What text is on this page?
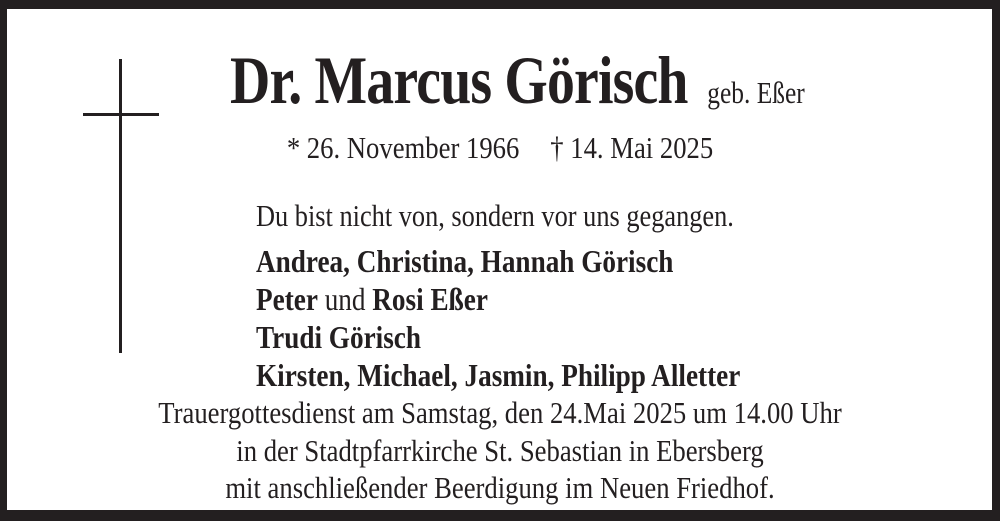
Dr. Marcus Görisch geb. Eßer
* 26. November 1966 † 14. Mai 2025
Du bist nicht von, sondern vor uns gegangen.
Andrea, Christina, Hannah Görisch
Peter und Rosi Eßer
Trudi Görisch
Kirsten, Michael, Jasmin, Philipp Alletter
Trauergottesdienst am Samstag, den 24.Mai 2025 um 14.00 Uhr
in der Stadtpfarrkirche St. Sebastian in Ebersberg
mit anschließender Beerdigung im Neuen Friedhof.
